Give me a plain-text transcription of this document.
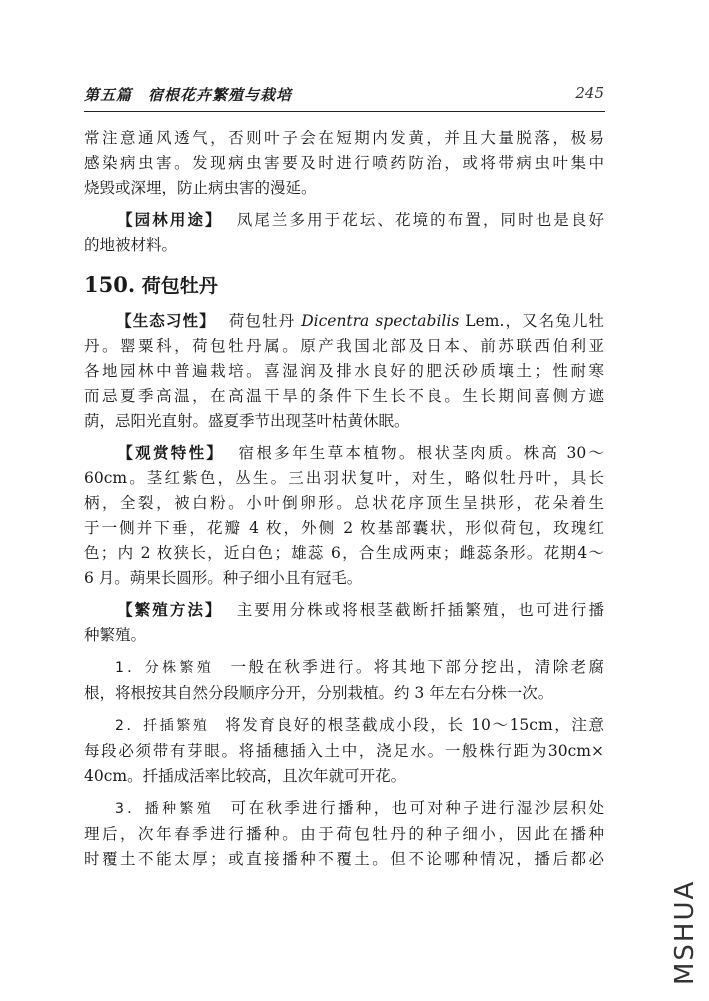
第五篇　宿根花卉繁殖与栽培	245

常注意通风透气，否则叶子会在短期内发黄，并且大量脱落，极易

感染病虫害。发现病虫害要及时进行喷药防治，或将带病虫叶集中

烧毁或深埋，防止病虫害的漫延。

【园林用途】 凤尾兰多用于花坛、花境的布置，同时也是良好

的地被材料。

150. 荷包牡丹

【生态习性】 荷包牡丹 Dicentra spectabilis Lem.，又名兔儿牡

丹。罂粟科，荷包牡丹属。原产我国北部及日本、前苏联西伯利亚

各地园林中普遍栽培。喜湿润及排水良好的肥沃砂质壤土；性耐寒

而忌夏季高温，在高温干旱的条件下生长不良。生长期间喜侧方遮

荫，忌阳光直射。盛夏季节出现茎叶枯黄休眠。

【观赏特性】 宿根多年生草本植物。根状茎肉质。株高 30～

60cm。茎红紫色，丛生。三出羽状复叶，对生，略似牡丹叶，具长

柄，全裂，被白粉。小叶倒卵形。总状花序顶生呈拱形，花朵着生

于一侧并下垂，花瓣 4 枚，外侧 2 枚基部囊状，形似荷包，玫瑰红

色；内 2 枚狭长，近白色；雄蕊 6，合生成两束；雌蕊条形。花期4～

6 月。蒴果长圆形。种子细小且有冠毛。

【繁殖方法】 主要用分株或将根茎截断扦插繁殖，也可进行播

种繁殖。

1．分株繁殖 一般在秋季进行。将其地下部分挖出，清除老腐

根，将根按其自然分段顺序分开，分别栽植。约 3 年左右分株一次。

2．扦插繁殖 将发育良好的根茎截成小段，长 10～15cm，注意

每段必须带有芽眼。将插穗插入土中，浇足水。一般株行距为30cm×

40cm。扦插成活率比较高，且次年就可开花。

3．播种繁殖 可在秋季进行播种，也可对种子进行湿沙层积处

理后，次年春季进行播种。由于荷包牡丹的种子细小，因此在播种

时覆土不能太厚；或直接播种不覆土。但不论哪种情况，播后都必

MSHUA
